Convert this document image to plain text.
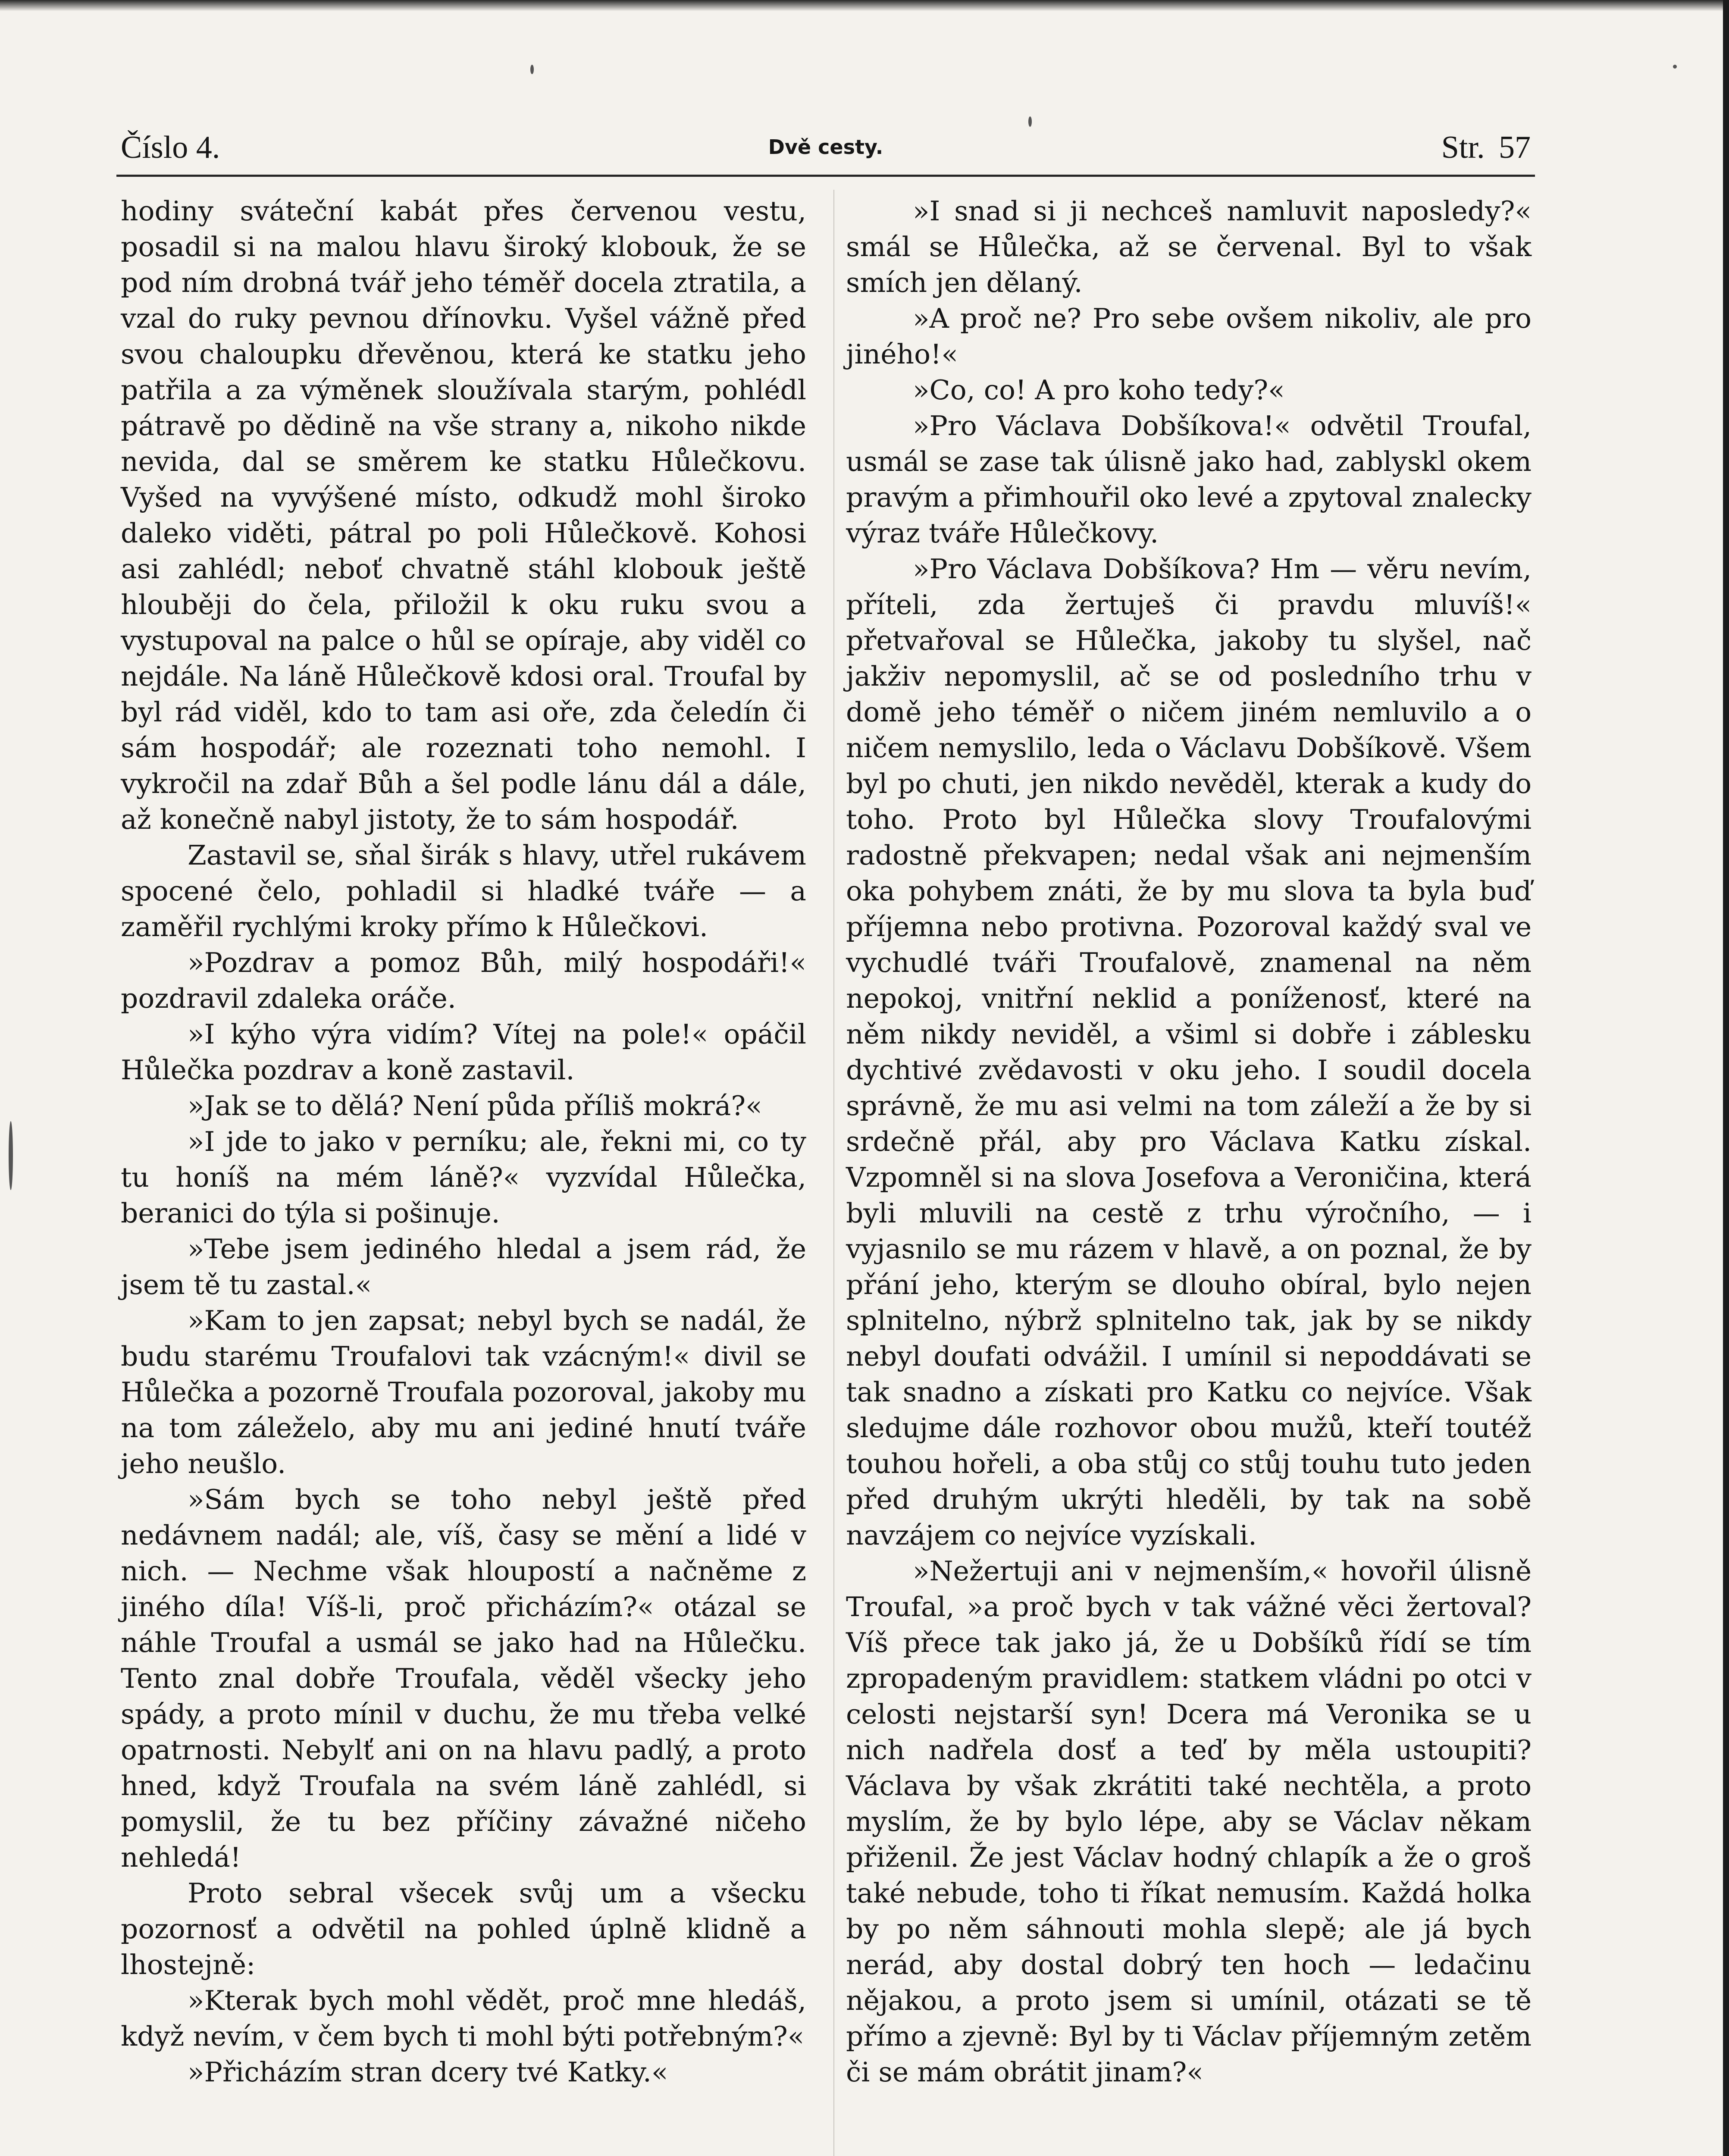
Číslo 4.	Dvě cesty.	Str. 57

hodiny sváteční kabát přes červenou vestu, posadil si na malou hlavu široký klobouk, že se pod ním drobná tvář jeho téměř docela ztratila, a vzal do ruky pevnou dřínovku. Vyšel vážně před svou chaloupku dřevěnou, která ke statku jeho patřila a za výměnek sloužívala starým, pohlédl pátravě po dědině na vše strany a, nikoho nikde nevida, dal se směrem ke statku Hůlečkovu. Vyšed na vyvýšené místo, odkudž mohl široko daleko viděti, pátral po poli Hůlečkově. Kohosi asi zahlédl; neboť chvatně stáhl klobouk ještě hlouběji do čela, přiložil k oku ruku svou a vystupoval na palce o hůl se opíraje, aby viděl co nejdále. Na láně Hůlečkově kdosi oral. Troufal by byl rád viděl, kdo to tam asi oře, zda čeledín či sám hospodář; ale rozeznati toho nemohl. I vykročil na zdař Bůh a šel podle lánu dál a dále, až konečně nabyl jistoty, že to sám hospodář.

Zastavil se, sňal širák s hlavy, utřel rukávem spocené čelo, pohladil si hladké tváře — a zaměřil rychlými kroky přímo k Hůlečkovi.

»Pozdrav a pomoz Bůh, milý hospodáři!« pozdravil zdaleka oráče.

»I kýho výra vidím? Vítej na pole!« opáčil Hůlečka pozdrav a koně zastavil.

»Jak se to dělá? Není půda příliš mokrá?«

»I jde to jako v perníku; ale, řekni mi, co ty tu honíš na mém láně?« vyzvídal Hůlečka, beranici do týla si pošinuje.

»Tebe jsem jediného hledal a jsem rád, že jsem tě tu zastal.«

»Kam to jen zapsat; nebyl bych se nadál, že budu starému Troufalovi tak vzácným!« divil se Hůlečka a pozorně Troufala pozoroval, jakoby mu na tom záleželo, aby mu ani jediné hnutí tváře jeho neušlo.

»Sám bych se toho nebyl ještě před nedávnem nadál; ale, víš, časy se mění a lidé v nich. — Nechme však hloupostí a načněme z jiného díla! Víš-li, proč přicházím?« otázal se náhle Troufal a usmál se jako had na Hůlečku. Tento znal dobře Troufala, věděl všecky jeho spády, a proto mínil v duchu, že mu třeba velké opatrnosti. Nebylť ani on na hlavu padlý, a proto hned, když Troufala na svém láně zahlédl, si pomyslil, že tu bez příčiny závažné ničeho nehledá!

Proto sebral všecek svůj um a všecku pozornosť a odvětil na pohled úplně klidně a lhostejně:

»Kterak bych mohl vědět, proč mne hledáš, když nevím, v čem bych ti mohl býti potřebným?«

»Přicházím stran dcery tvé Katky.«

»I snad si ji nechceš namluvit naposledy?« smál se Hůlečka, až se červenal. Byl to však smích jen dělaný.

»A proč ne? Pro sebe ovšem nikoliv, ale pro jiného!«

»Co, co! A pro koho tedy?«

»Pro Václava Dobšíkova!« odvětil Troufal, usmál se zase tak úlisně jako had, zablyskl okem pravým a přimhouřil oko levé a zpytoval znalecky výraz tváře Hůlečkovy.

»Pro Václava Dobšíkova? Hm — věru nevím, příteli, zda žertuješ či pravdu mluvíš!« přetvařoval se Hůlečka, jakoby tu slyšel, nač jakživ nepomyslil, ač se od posledního trhu v domě jeho téměř o ničem jiném nemluvilo a o ničem nemyslilo, leda o Václavu Dobšíkově. Všem byl po chuti, jen nikdo nevěděl, kterak a kudy do toho. Proto byl Hůlečka slovy Troufalovými radostně překvapen; nedal však ani nejmenším oka pohybem znáti, že by mu slova ta byla buď příjemna nebo protivna. Pozoroval každý sval ve vychudlé tváři Troufalově, znamenal na něm nepokoj, vnitřní neklid a poníženosť, které na něm nikdy neviděl, a všiml si dobře i záblesku dychtivé zvědavosti v oku jeho. I soudil docela správně, že mu asi velmi na tom záleží a že by si srdečně přál, aby pro Václava Katku získal. Vzpomněl si na slova Josefova a Veroničina, která byli mluvili na cestě z trhu výročního, — i vyjasnilo se mu rázem v hlavě, a on poznal, že by přání jeho, kterým se dlouho obíral, bylo nejen splnitelno, nýbrž splnitelno tak, jak by se nikdy nebyl doufati odvážil. I umínil si nepoddávati se tak snadno a získati pro Katku co nejvíce. Však sledujme dále rozhovor obou mužů, kteří toutéž touhou hořeli, a oba stůj co stůj touhu tuto jeden před druhým ukrýti hleděli, by tak na sobě navzájem co nejvíce vyzískali.

»Nežertuji ani v nejmenším,« hovořil úlisně Troufal, »a proč bych v tak vážné věci žertoval? Víš přece tak jako já, že u Dobšíků řídí se tím zpropadeným pravidlem: statkem vládni po otci v celosti nejstarší syn! Dcera má Veronika se u nich nadřela dosť a teď by měla ustoupiti? Václava by však zkrátiti také nechtěla, a proto myslím, že by bylo lépe, aby se Václav někam přiženil. Že jest Václav hodný chlapík a že o groš také nebude, toho ti říkat nemusím. Každá holka by po něm sáhnouti mohla slepě; ale já bych nerád, aby dostal dobrý ten hoch — ledačinu nějakou, a proto jsem si umínil, otázati se tě přímo a zjevně: Byl by ti Václav příjemným zetěm či se mám obrátit jinam?«
